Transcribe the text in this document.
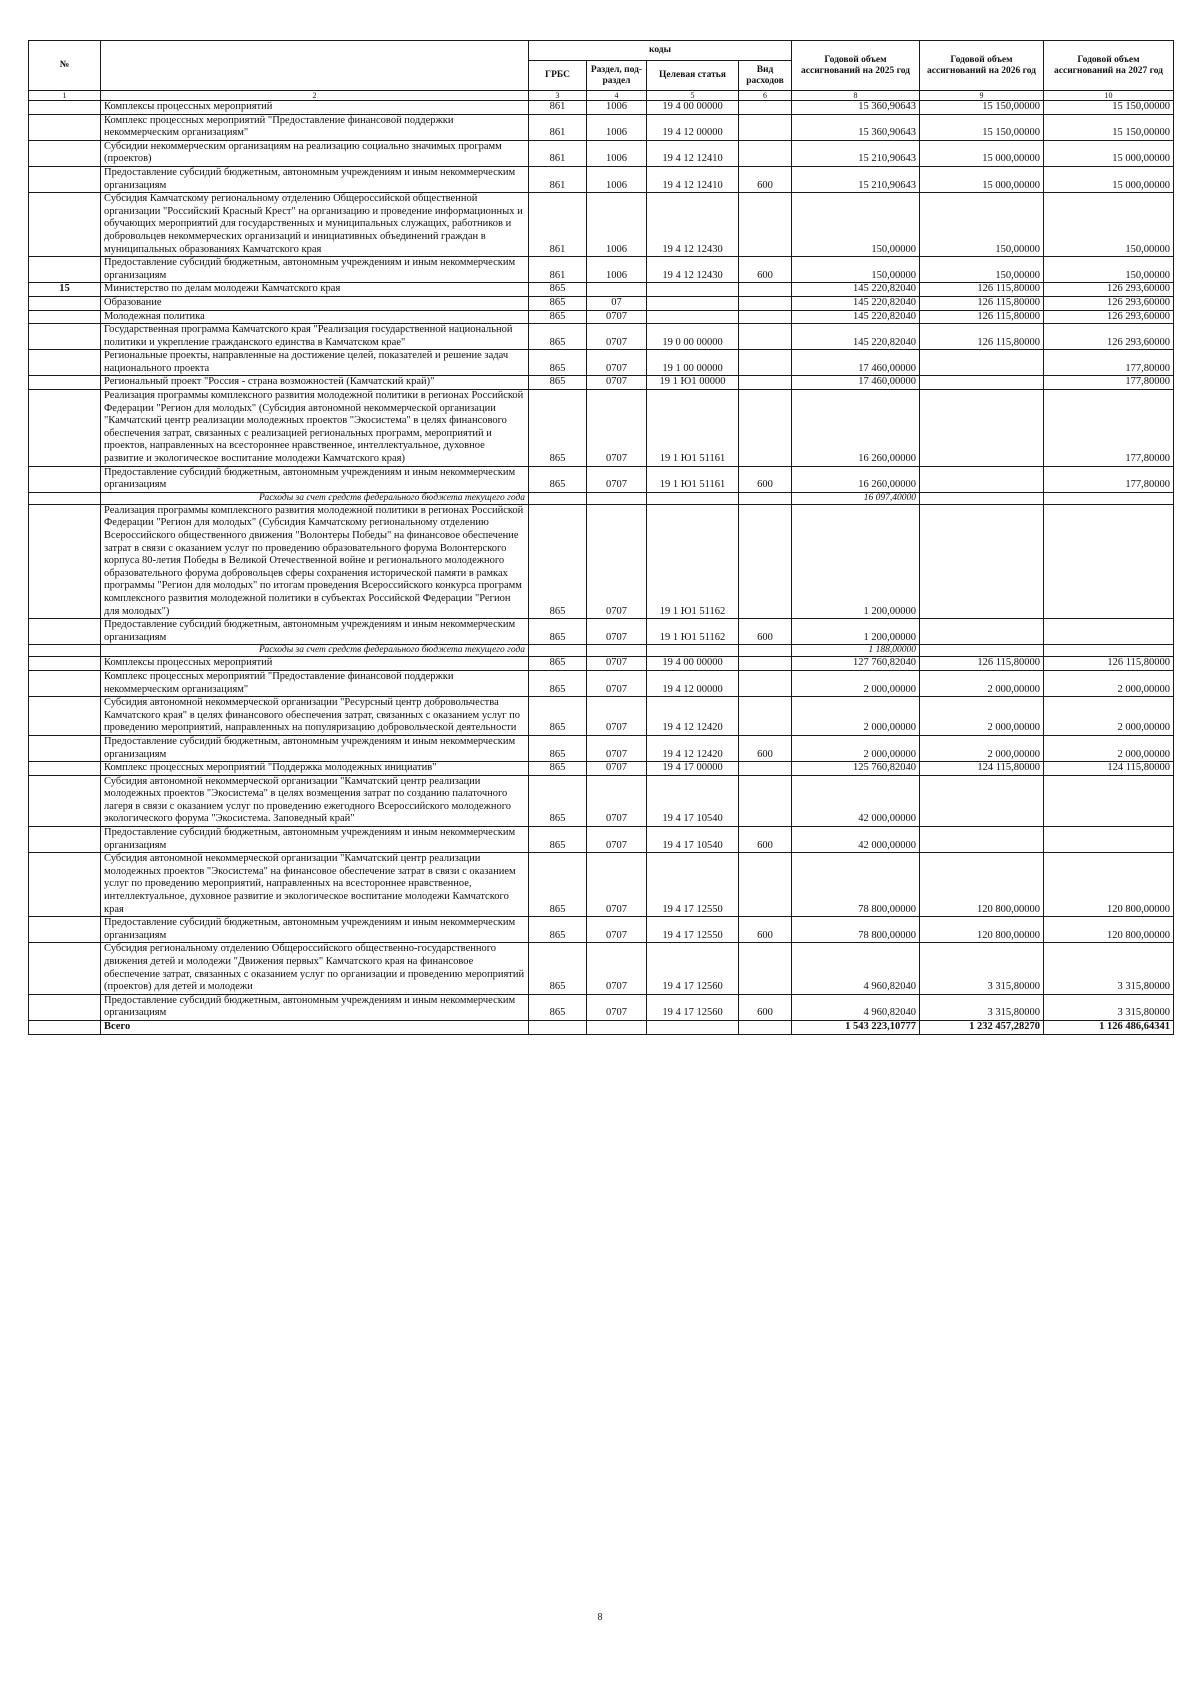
№		коды				Годовой объем ассигнований на 2025 год	Годовой объем ассигнований на 2026 год	Годовой объем ассигнований на 2027 год
		ГРБС	Раздел, под-раздел	Целевая статья	Вид расходов			
1	2	3	4	5	6	8	9	10
	Комплексы процессных мероприятий	861	1006	19 4 00 00000		15 360,90643	15 150,00000	15 150,00000
	Комплекс процессных мероприятий "Предоставление финансовой поддержки некоммерческим организациям"	861	1006	19 4 12 00000		15 360,90643	15 150,00000	15 150,00000
	Субсидии некоммерческим организациям на реализацию социально значимых программ (проектов)	861	1006	19 4 12 12410		15 210,90643	15 000,00000	15 000,00000
	Предоставление субсидий бюджетным, автономным учреждениям и иным некоммерческим организациям	861	1006	19 4 12 12410	600	15 210,90643	15 000,00000	15 000,00000
	Субсидия Камчатскому региональному отделению Общероссийской общественной организации "Российский Красный Крест" на организацию и проведение информационных и обучающих мероприятий для государственных и муниципальных служащих, работников и добровольцев некоммерческих организаций и инициативных объединений граждан в муниципальных образованиях Камчатского края	861	1006	19 4 12 12430		150,00000	150,00000	150,00000
	Предоставление субсидий бюджетным, автономным учреждениям и иным некоммерческим организациям	861	1006	19 4 12 12430	600	150,00000	150,00000	150,00000
15	Министерство по делам молодежи Камчатского края	865				145 220,82040	126 115,80000	126 293,60000
	Образование	865	07			145 220,82040	126 115,80000	126 293,60000
	Молодежная политика	865	0707			145 220,82040	126 115,80000	126 293,60000
	Государственная программа Камчатского края "Реализация государственной национальной политики и укрепление гражданского единства в Камчатском крае"	865	0707	19 0 00 00000		145 220,82040	126 115,80000	126 293,60000
	Региональные проекты, направленные на достижение целей, показателей и решение задач национального проекта	865	0707	19 1 00 00000		17 460,00000		177,80000
	Региональный проект "Россия - страна возможностей (Камчатский край)"	865	0707	19 1 Ю1 00000		17 460,00000		177,80000
	Реализация программы комплексного развития молодежной политики в регионах Российской Федерации "Регион для молодых" (Субсидия автономной некоммерческой организации "Камчатский центр реализации молодежных проектов "Экосистема" в целях финансового обеспечения затрат, связанных с реализацией региональных программ, мероприятий и проектов, направленных на всестороннее нравственное, интеллектуальное, духовное развитие и экологическое воспитание молодежи Камчатского края)	865	0707	19 1 Ю1 51161		16 260,00000		177,80000
	Предоставление субсидий бюджетным, автономным учреждениям и иным некоммерческим организациям	865	0707	19 1 Ю1 51161	600	16 260,00000		177,80000
	Расходы за счет средств федерального бюджета текущего года					16 097,40000		
	Реализация программы комплексного развития молодежной политики в регионах Российской Федерации "Регион для молодых" (Субсидия Камчатскому региональному отделению Всероссийского общественного движения "Волонтеры Победы" на финансовое обеспечение затрат в связи с оказанием услуг по проведению образовательного форума Волонтерского корпуса 80-летия Победы в Великой Отечественной войне и регионального молодежного образовательного форума добровольцев сферы сохранения исторической памяти в рамках программы "Регион для молодых" по итогам проведения Всероссийского конкурса программ комплексного развития молодежной политики в субъектах Российской Федерации "Регион для молодых")	865	0707	19 1 Ю1 51162		1 200,00000		
	Предоставление субсидий бюджетным, автономным учреждениям и иным некоммерческим организациям	865	0707	19 1 Ю1 51162	600	1 200,00000		
	Расходы за счет средств федерального бюджета текущего года					1 188,00000		
	Комплексы процессных мероприятий	865	0707	19 4 00 00000		127 760,82040	126 115,80000	126 115,80000
	Комплекс процессных мероприятий "Предоставление финансовой поддержки некоммерческим организациям"	865	0707	19 4 12 00000		2 000,00000	2 000,00000	2 000,00000
	Субсидия автономной некоммерческой организации "Ресурсный центр добровольчества Камчатского края" в целях финансового обеспечения затрат, связанных с оказанием услуг по проведению мероприятий, направленных на популяризацию добровольческой деятельности	865	0707	19 4 12 12420		2 000,00000	2 000,00000	2 000,00000
	Предоставление субсидий бюджетным, автономным учреждениям и иным некоммерческим организациям	865	0707	19 4 12 12420	600	2 000,00000	2 000,00000	2 000,00000
	Комплекс процессных мероприятий "Поддержка молодежных инициатив"	865	0707	19 4 17 00000		125 760,82040	124 115,80000	124 115,80000
	Субсидия автономной некоммерческой организации "Камчатский центр реализации молодежных проектов "Экосистема" в целях возмещения затрат по созданию палаточного лагеря в связи с оказанием услуг по проведению ежегодного Всероссийского молодежного экологического форума "Экосистема. Заповедный край"	865	0707	19 4 17 10540		42 000,00000		
	Предоставление субсидий бюджетным, автономным учреждениям и иным некоммерческим организациям	865	0707	19 4 17 10540	600	42 000,00000		
	Субсидия автономной некоммерческой организации "Камчатский центр реализации молодежных проектов "Экосистема" на финансовое обеспечение затрат в связи с оказанием услуг по проведению мероприятий, направленных на всестороннее нравственное, интеллектуальное, духовное развитие и экологическое воспитание молодежи Камчатского края	865	0707	19 4 17 12550		78 800,00000	120 800,00000	120 800,00000
	Предоставление субсидий бюджетным, автономным учреждениям и иным некоммерческим организациям	865	0707	19 4 17 12550	600	78 800,00000	120 800,00000	120 800,00000
	Субсидия региональному отделению Общероссийского общественно-государственного движения детей и молодежи "Движения первых" Камчатского края на финансовое обеспечение затрат, связанных с оказанием услуг по организации и проведению мероприятий (проектов) для детей и молодежи	865	0707	19 4 17 12560		4 960,82040	3 315,80000	3 315,80000
	Предоставление субсидий бюджетным, автономным учреждениям и иным некоммерческим организациям	865	0707	19 4 17 12560	600	4 960,82040	3 315,80000	3 315,80000
	Всего					1 543 223,10777	1 232 457,28270	1 126 486,64341
8
